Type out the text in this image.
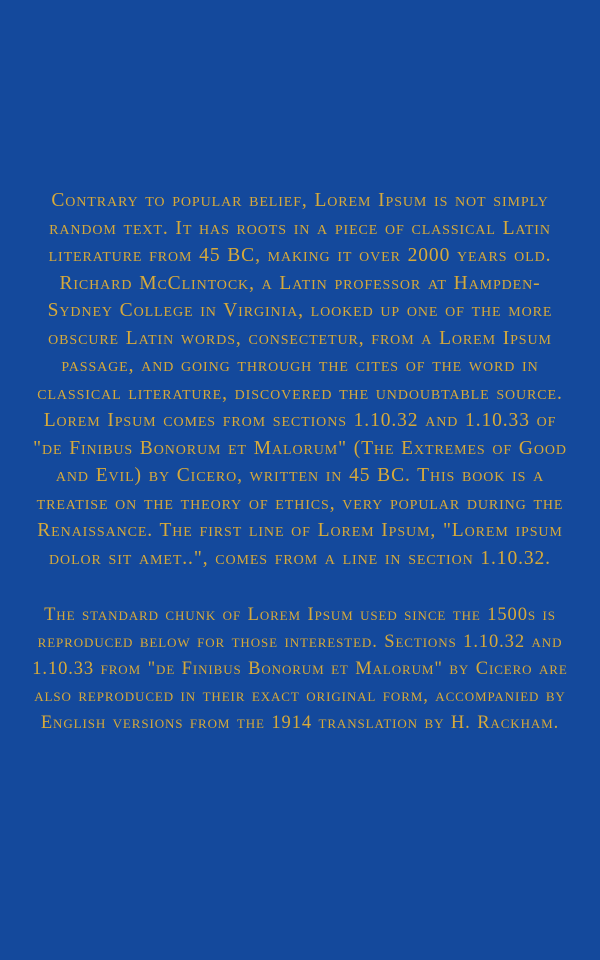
Contrary to popular belief, Lorem Ipsum is not simply random text. It has roots in a piece of classical Latin literature from 45 BC, making it over 2000 years old. Richard McClintock, a Latin professor at Hampden-Sydney College in Virginia, looked up one of the more obscure Latin words, consectetur, from a Lorem Ipsum passage, and going through the cites of the word in classical literature, discovered the undoubtable source. Lorem Ipsum comes from sections 1.10.32 and 1.10.33 of "de Finibus Bonorum et Malorum" (The Extremes of Good and Evil) by Cicero, written in 45 BC. This book is a treatise on the theory of ethics, very popular during the Renaissance. The first line of Lorem Ipsum, "Lorem ipsum dolor sit amet..", comes from a line in section 1.10.32.

The standard chunk of Lorem Ipsum used since the 1500s is reproduced below for those interested. Sections 1.10.32 and 1.10.33 from "de Finibus Bonorum et Malorum" by Cicero are also reproduced in their exact original form, accompanied by English versions from the 1914 translation by H. Rackham.
